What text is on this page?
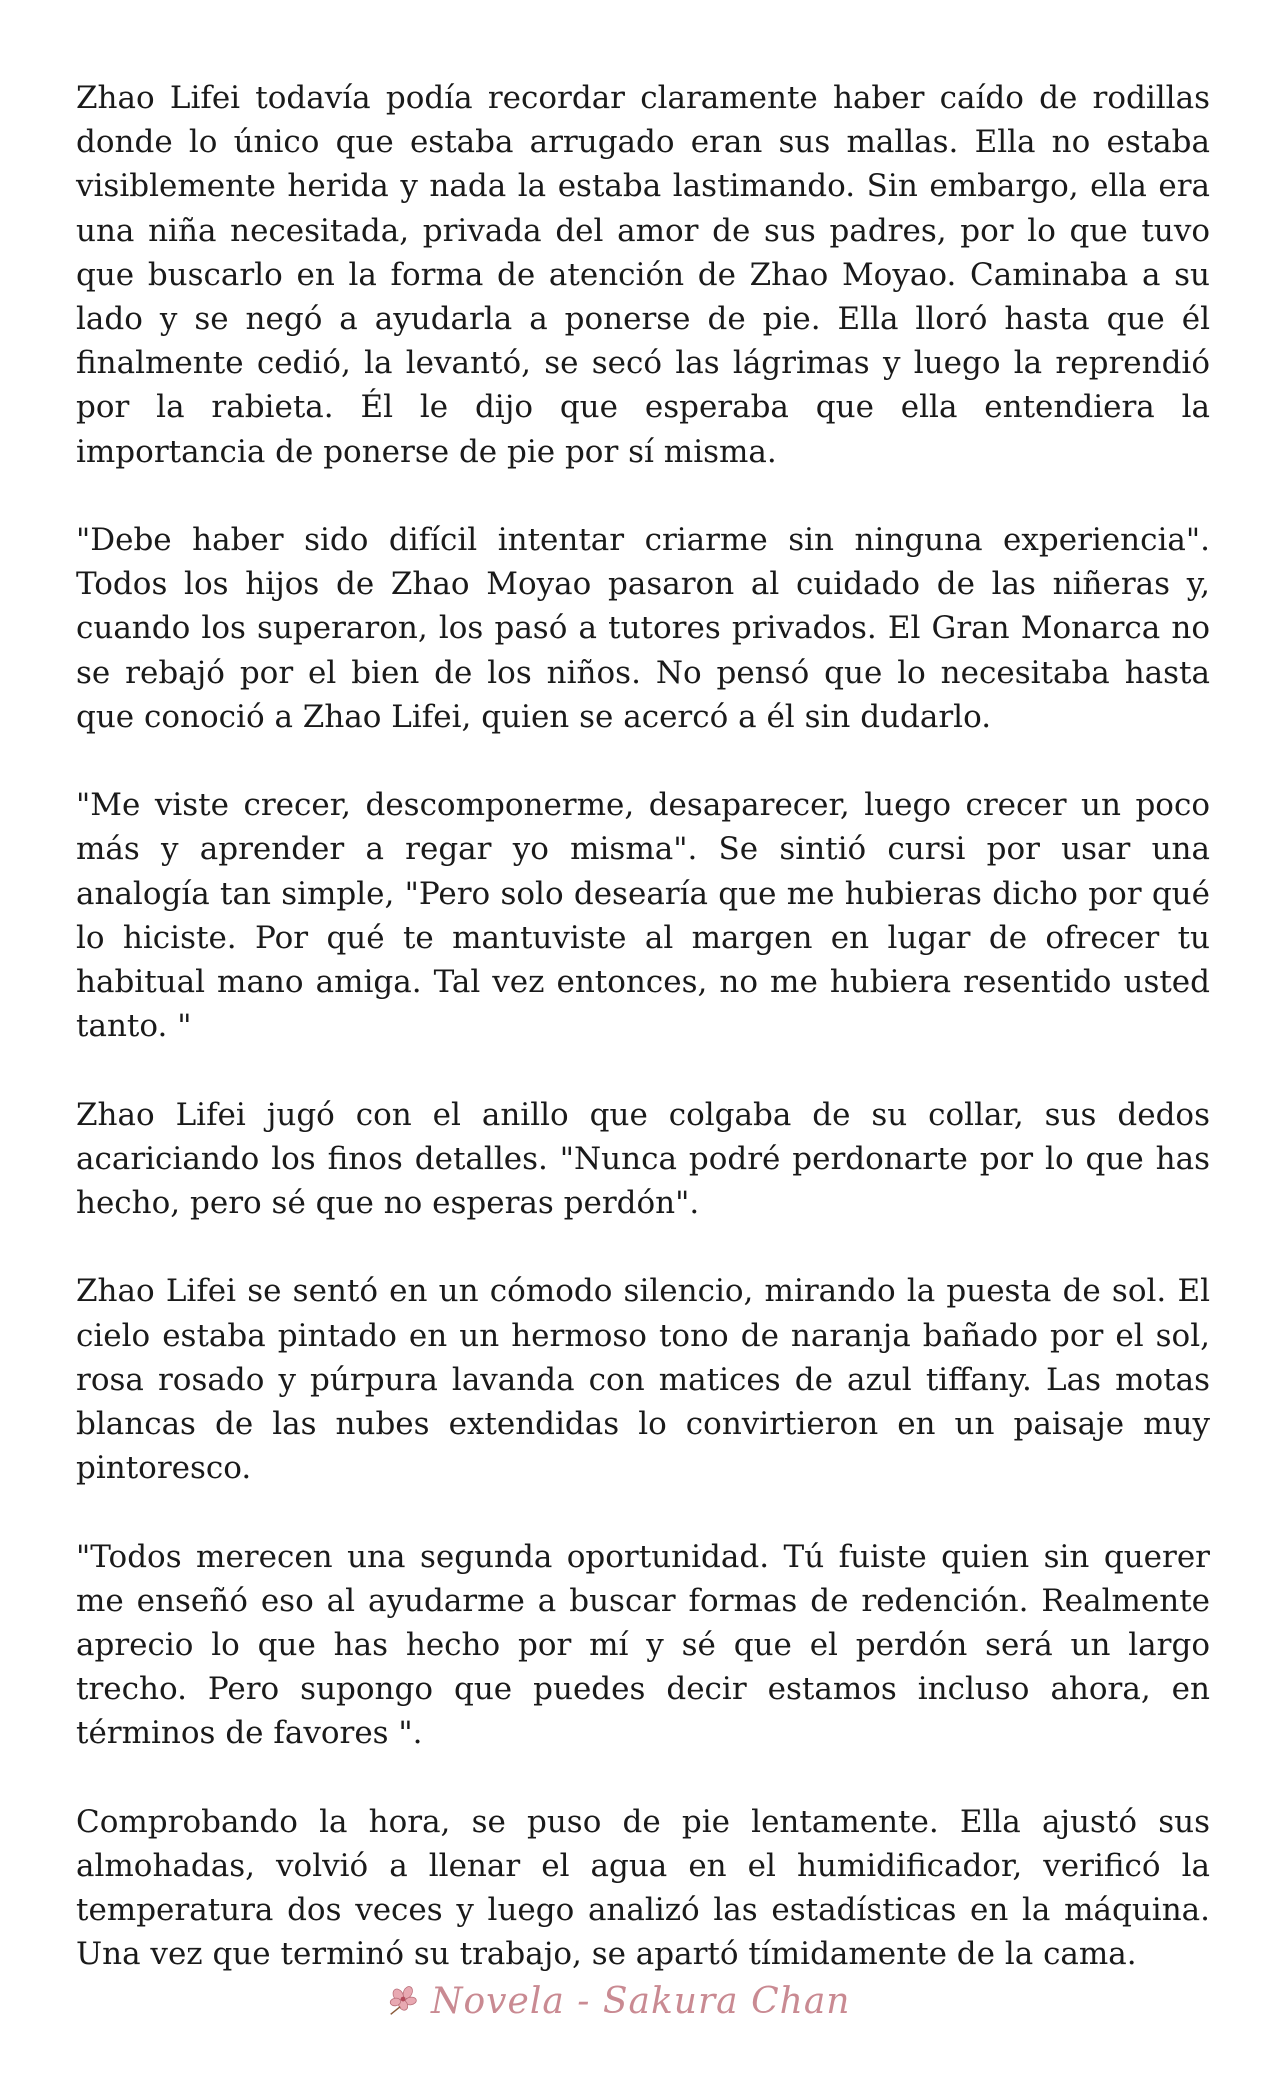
Zhao Lifei todavía podía recordar claramente haber caído de rodillas donde lo único que estaba arrugado eran sus mallas. Ella no estaba visiblemente herida y nada la estaba lastimando. Sin embargo, ella era una niña necesitada, privada del amor de sus padres, por lo que tuvo que buscarlo en la forma de atención de Zhao Moyao. Caminaba a su lado y se negó a ayudarla a ponerse de pie. Ella lloró hasta que él finalmente cedió, la levantó, se secó las lágrimas y luego la reprendió por la rabieta. Él le dijo que esperaba que ella entendiera la importancia de ponerse de pie por sí misma.

"Debe haber sido difícil intentar criarme sin ninguna experiencia". Todos los hijos de Zhao Moyao pasaron al cuidado de las niñeras y, cuando los superaron, los pasó a tutores privados. El Gran Monarca no se rebajó por el bien de los niños. No pensó que lo necesitaba hasta que conoció a Zhao Lifei, quien se acercó a él sin dudarlo.

"Me viste crecer, descomponerme, desaparecer, luego crecer un poco más y aprender a regar yo misma". Se sintió cursi por usar una analogía tan simple, "Pero solo desearía que me hubieras dicho por qué lo hiciste. Por qué te mantuviste al margen en lugar de ofrecer tu habitual mano amiga. Tal vez entonces, no me hubiera resentido usted tanto. "

Zhao Lifei jugó con el anillo que colgaba de su collar, sus dedos acariciando los finos detalles. "Nunca podré perdonarte por lo que has hecho, pero sé que no esperas perdón".

Zhao Lifei se sentó en un cómodo silencio, mirando la puesta de sol. El cielo estaba pintado en un hermoso tono de naranja bañado por el sol, rosa rosado y púrpura lavanda con matices de azul tiffany. Las motas blancas de las nubes extendidas lo convirtieron en un paisaje muy pintoresco.

"Todos merecen una segunda oportunidad. Tú fuiste quien sin querer me enseñó eso al ayudarme a buscar formas de redención. Realmente aprecio lo que has hecho por mí y sé que el perdón será un largo trecho. Pero supongo que puedes decir estamos incluso ahora, en términos de favores ".

Comprobando la hora, se puso de pie lentamente. Ella ajustó sus almohadas, volvió a llenar el agua en el humidificador, verificó la temperatura dos veces y luego analizó las estadísticas en la máquina. Una vez que terminó su trabajo, se apartó tímidamente de la cama.

Novela - Sakura Chan
